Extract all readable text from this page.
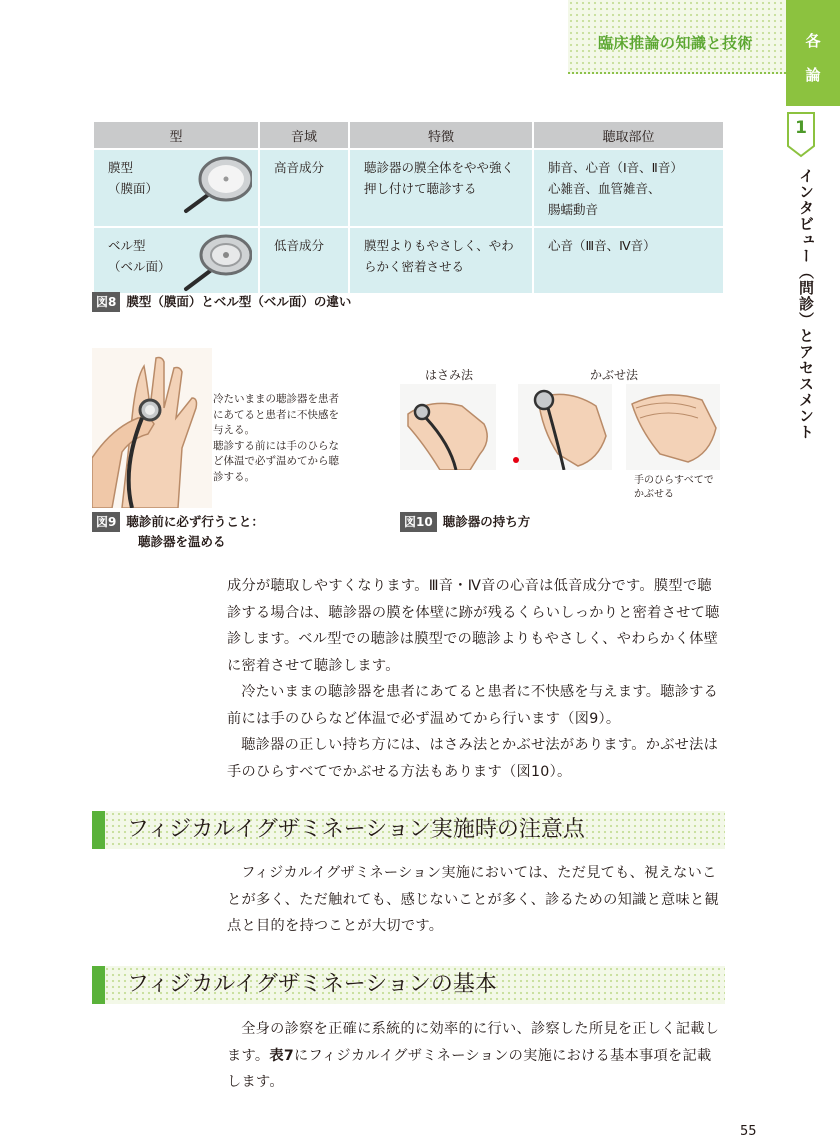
臨床推論の知識と技術	各
論
1
インタビュー（問診）とアセスメント
型	音域	特徴	聴取部位
膜型
（膜面）	高音成分	聴診器の膜全体をやや強く押し付けて聴診する	肺音、心音（Ⅰ音、Ⅱ音）
心雑音、血管雑音、
腸蠕動音
ベル型
（ベル面）	低音成分	膜型よりもやさしく、やわらかく密着させる	心音（Ⅲ音、Ⅳ音）
図8 膜型（膜面）とベル型（ベル面）の違い
冷たいままの聴診器を患者
にあてると患者に不快感を
与える。
聴診する前には手のひらな
ど体温で必ず温めてから聴
診する。
図9 聴診前に必ず行うこと：
聴診器を温める
はさみ法	かぶせ法
手のひらすべてで
かぶせる
図10 聴診器の持ち方

成分が聴取しやすくなります。Ⅲ音・Ⅳ音の心音は低音成分です。膜型で聴診する場合は、聴診器の膜を体壁に跡が残るくらいしっかりと密着させて聴診します。ベル型での聴診は膜型での聴診よりもやさしく、やわらかく体壁に密着させて聴診します。

冷たいままの聴診器を患者にあてると患者に不快感を与えます。聴診する前には手のひらなど体温で必ず温めてから行います（図9）。

聴診器の正しい持ち方には、はさみ法とかぶせ法があります。かぶせ法は手のひらすべてでかぶせる方法もあります（図10）。

フィジカルイグザミネーション実施時の注意点

フィジカルイグザミネーション実施においては、ただ見ても、視えないことが多く、ただ触れても、感じないことが多く、診るための知識と意味と観点と目的を持つことが大切です。

フィジカルイグザミネーションの基本

全身の診察を正確に系統的に効率的に行い、診察した所見を正しく記載します。表7にフィジカルイグザミネーションの実施における基本事項を記載します。

55
